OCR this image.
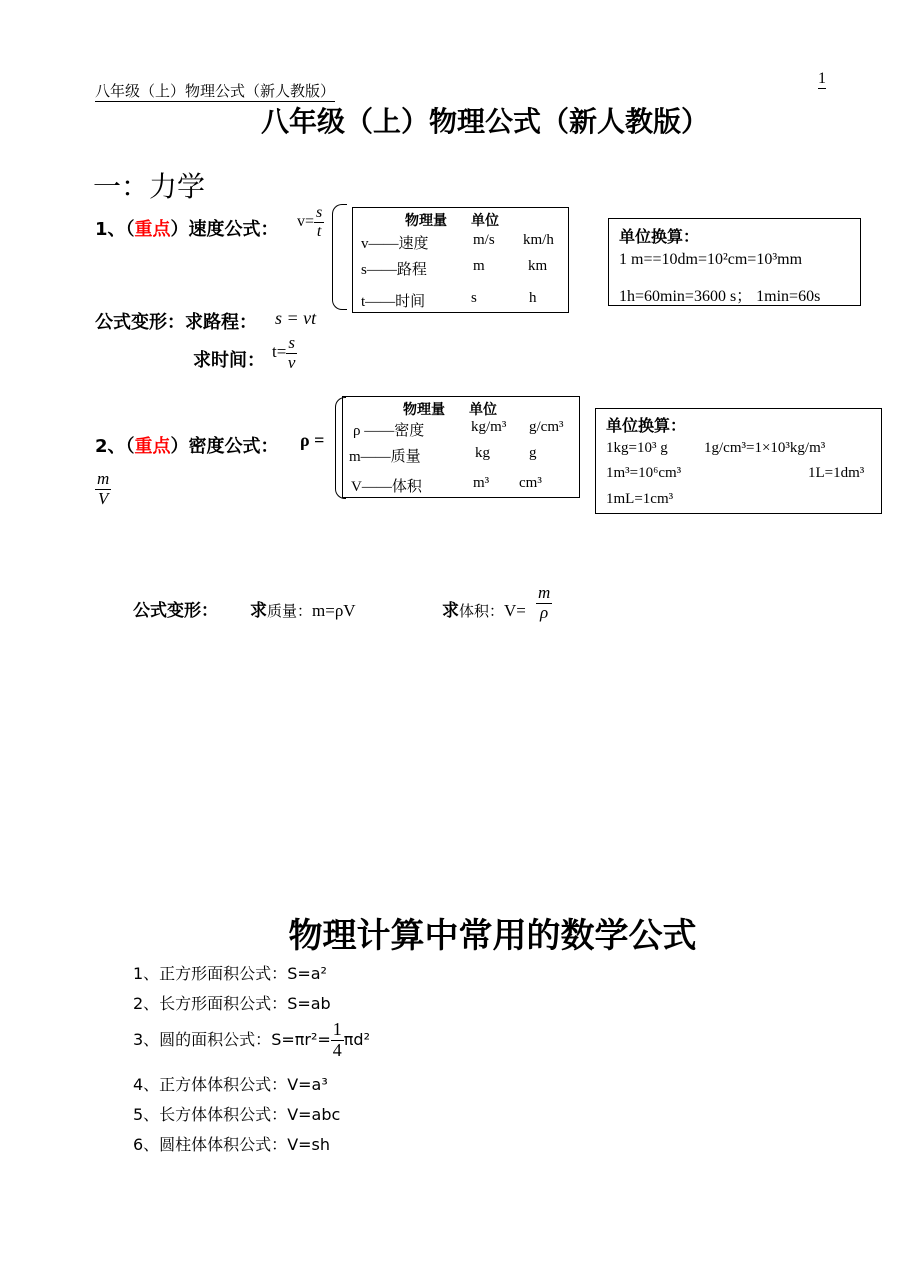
八年级（上）物理公式（新人教版）
1
八年级（上）物理公式（新人教版）
一：力学
1、（重点）速度公式： $v= \frac{s}{t}$	物理量 单位
v——速度	m/s km/h
s——路程	m	km
t——时间	s	h
单位换算：
1 m==10dm=10²cm=10³mm
1h=60min=3600 s； 1min=60s
公式变形：求路程： s = vt
求时间： $t= \frac{s}{v}$
2、（重点）密度公式： ρ =
$\frac{m}{V}$
物理量 单位
ρ ——密度	kg/m³ g/cm³
m——质量	kg	g
V——体积	m³ cm³
单位换算：
1kg=10³ g 1g/cm³=1×10³kg/m³
1m³=10⁶cm³	1L=1dm³
1mL=1cm³
公式变形： 求质量：m=ρV	求体积：$V= \frac{m}{\rho}$
物理计算中常用的数学公式
1、正方形面积公式：S=a²
2、长方形面积公式：S=ab
3、圆的面积公式：$S=\pi r^2= \frac{1}{4} \pi d^2$
4、正方体体积公式：V=a³
5、长方体体积公式：V=abc
6、圆柱体体积公式：V=sh
